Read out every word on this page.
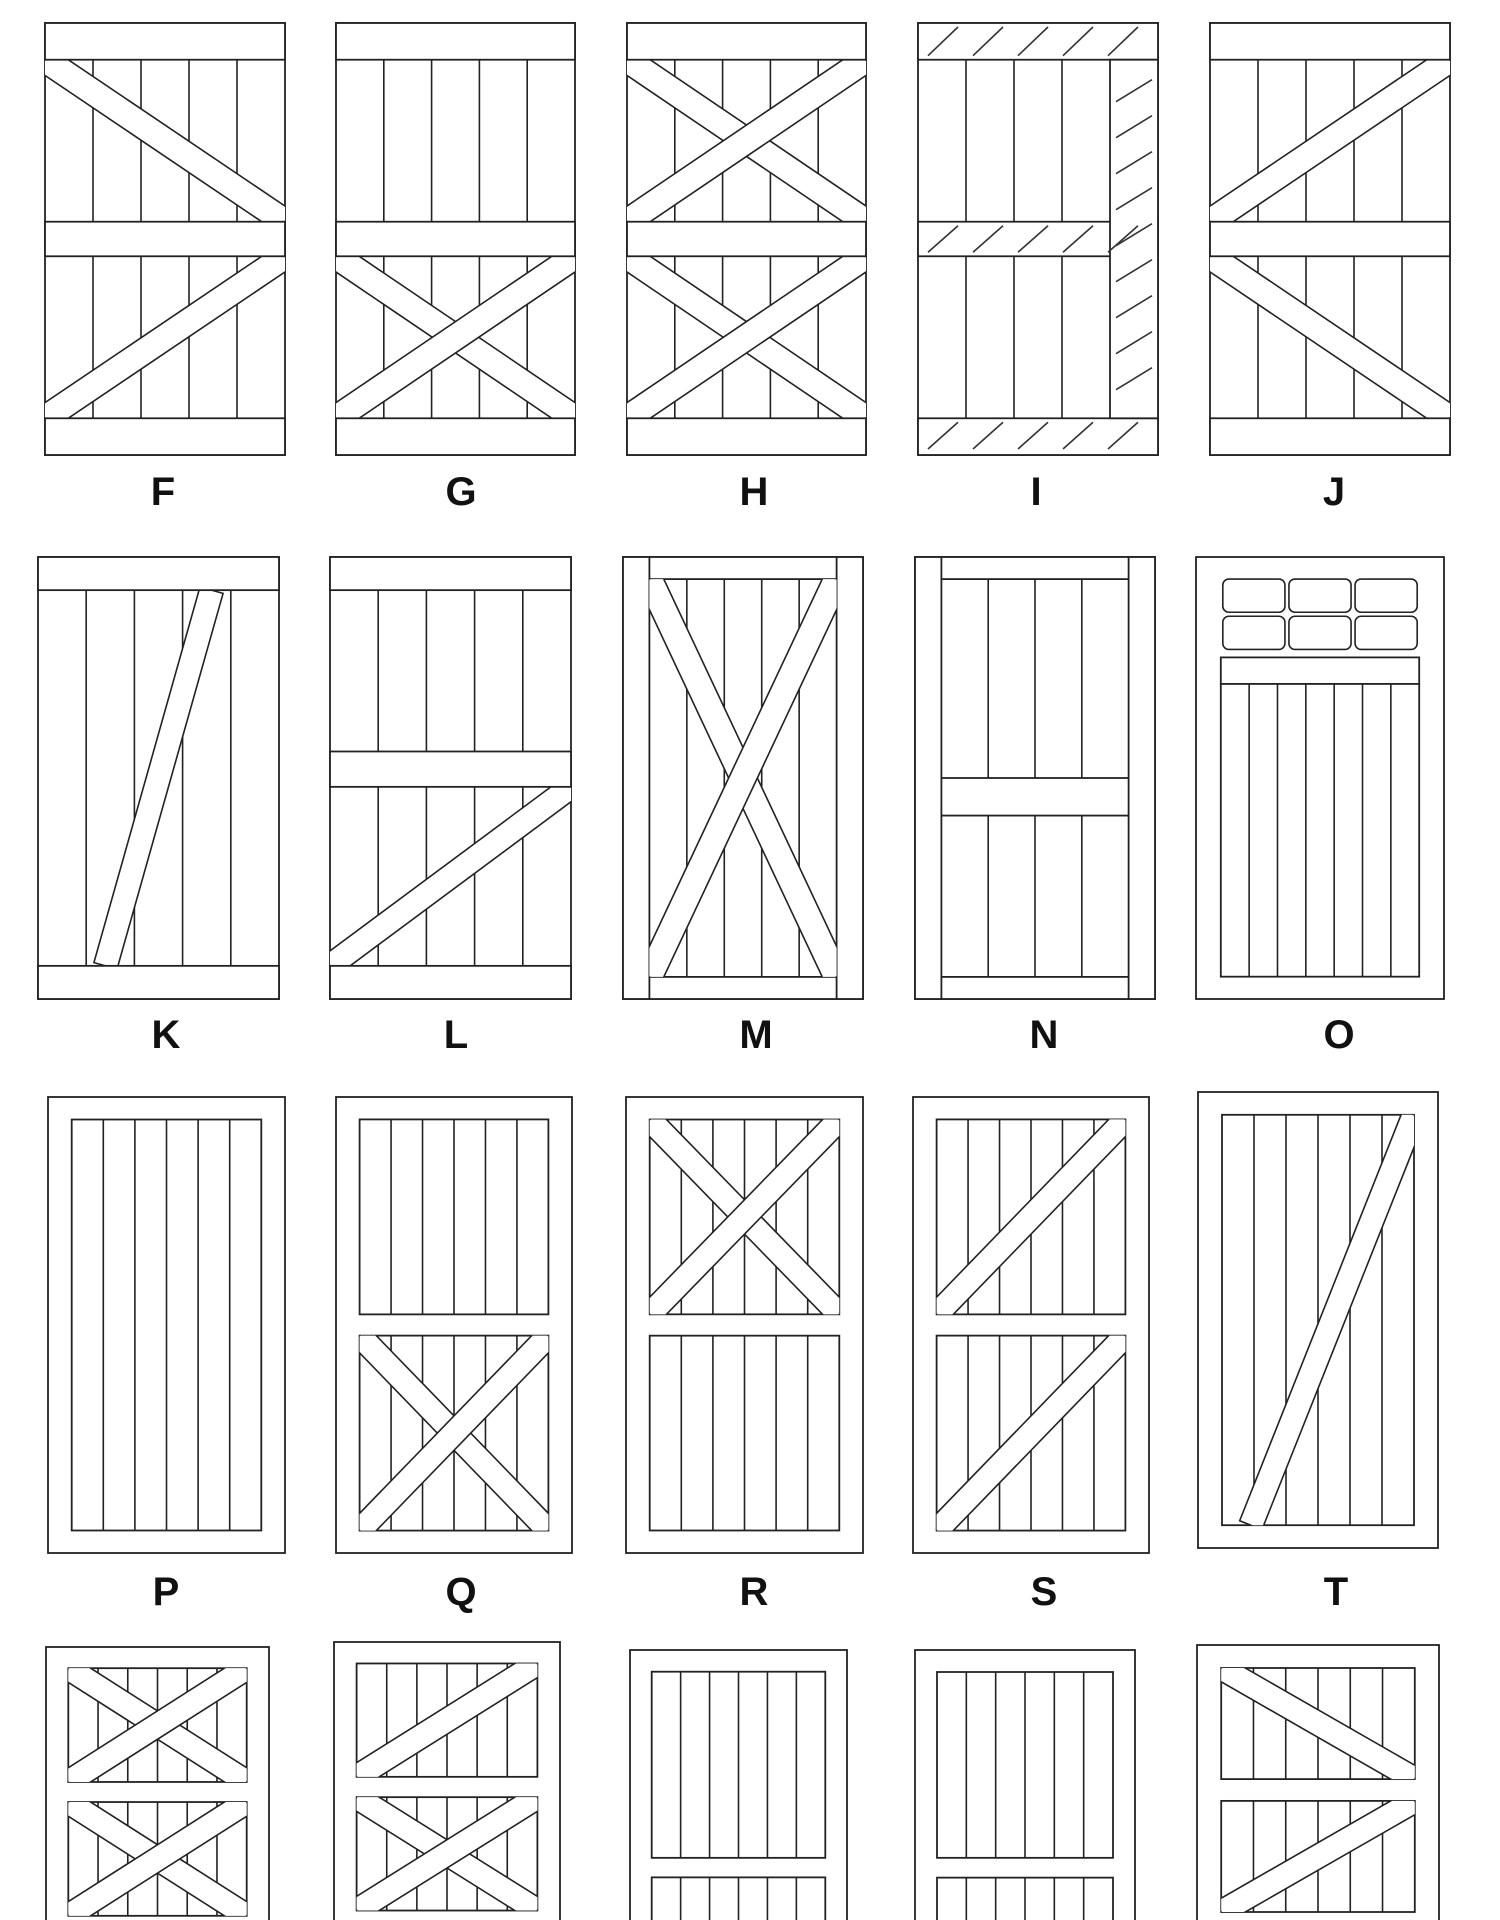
F	G	H	I	J
K	L	M	N	O
P	Q	R	S	T
